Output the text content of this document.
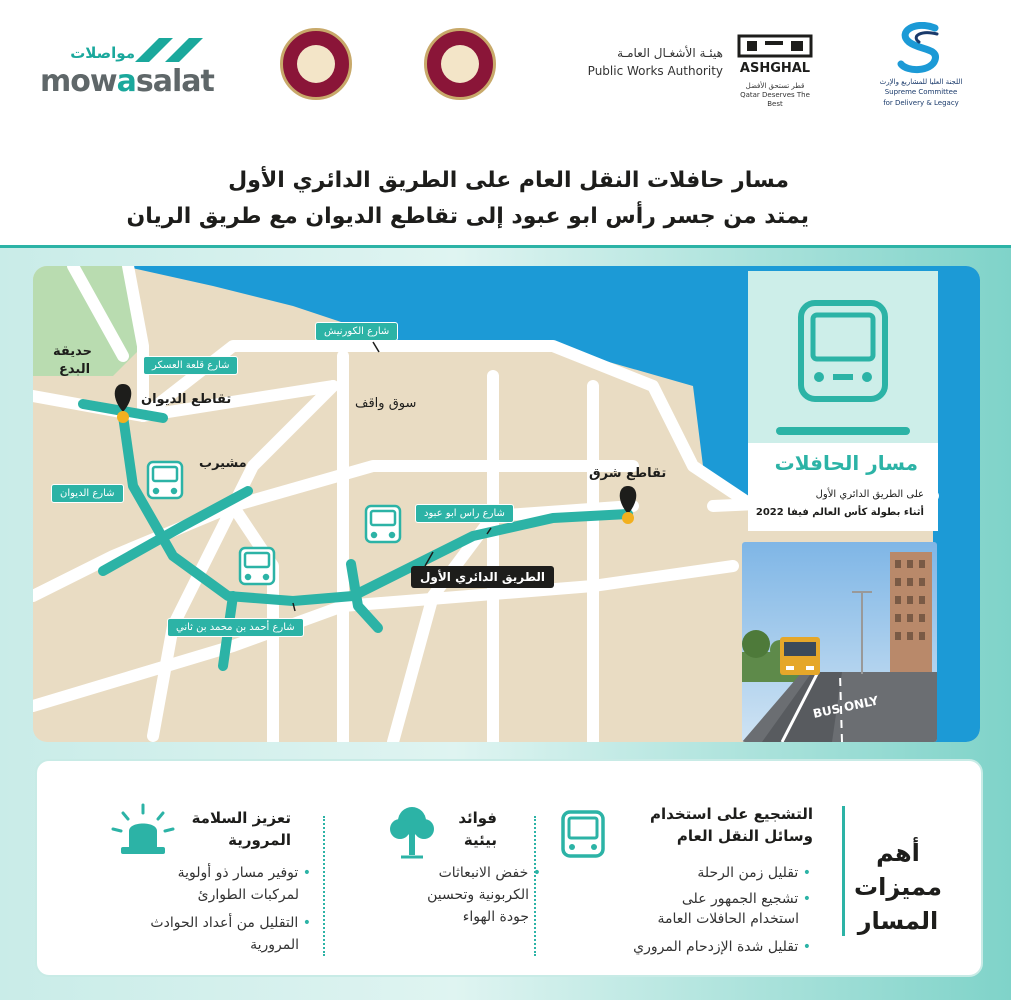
اللجنة العليا للمشاريع والإرث
Supreme Committee
for Delivery & Legacy
ASHGHAL
قطر تستحق الأفضل
Qatar Deserves The Best
هيئـة الأشغـال العامـة
Public Works Authority
مواصلات
mowasalat
مسار حافلات النقل العام على الطريق الدائري الأول
يمتد من جسر رأس ابو عبود إلى تقاطع الديوان مع طريق الريان
حديقة
البدع
تقاطع الديوان	سوق واقف
مشيرب
تقاطع شرق
شارع الكورنيش
شارع قلعة العسكر
شارع الديوان
شارع راس ابو عبود
الطريق الدائري الأول
شارع أحمد بن محمد بن ثاني
مسار الحافلات
على الطريق الدائري الأول
أثناء بطولة كأس العالم فيفا 2022
BUS ONLY
أهم مميزات المسار
التشجيع على استخدام
وسائل النقل العام
• تقليل زمن الرحلة
• تشجيع الجمهور على
استخدام الحافلات العامة
• تقليل شدة الإزدحام المروري
فوائد
بيئية
• خفض الانبعاثات
الكربونية وتحسين
جودة الهواء
تعزيز السلامة
المرورية
• توفير مسار ذو أولوية
لمركبات الطوارئ
• التقليل من أعداد الحوادث
المرورية
